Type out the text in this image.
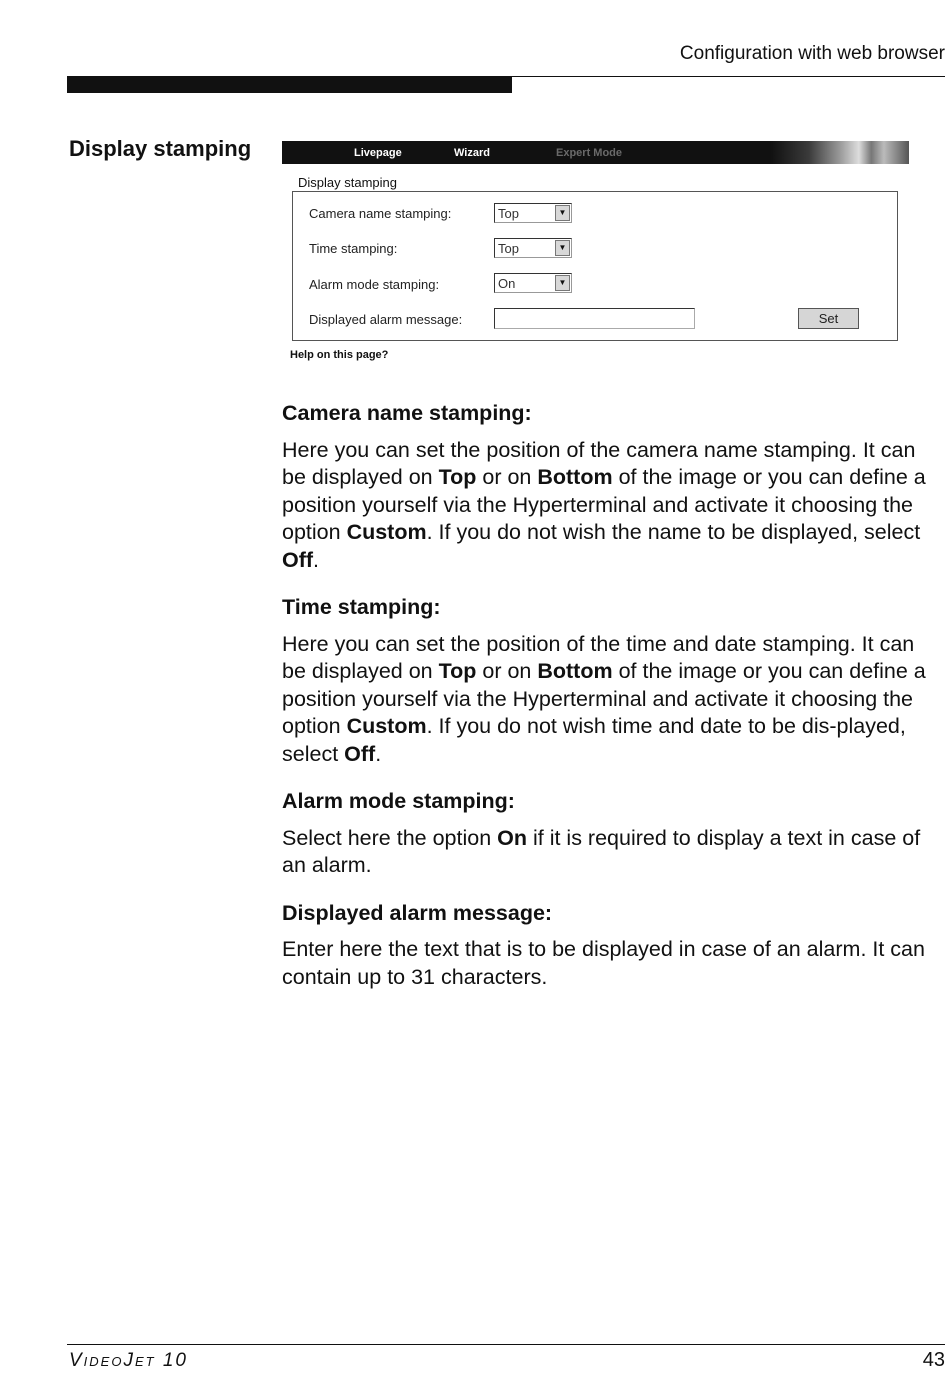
Configuration with web browser
Display stamping	Livepage	Wizard	Expert Mode
Display stamping
Camera name stamping:	Top	▼
Time stamping:	Top	▼
Alarm mode stamping:	On	▼
Displayed alarm message:	Set
Help on this page?
Camera name stamping:

Here you can set the position of the camera name stamping. It can be displayed on Top or on Bottom of the image or you can define a position yourself via the Hyperterminal and activate it choosing the option Custom. If you do not wish the name to be displayed, select Off.

Time stamping:

Here you can set the position of the time and date stamping. It can be displayed on Top or on Bottom of the image or you can define a position yourself via the Hyperterminal and activate it choosing the option Custom. If you do not wish time and date to be dis-played, select Off.

Alarm mode stamping:

Select here the option On if it is required to display a text in case of an alarm.

Displayed alarm message:

Enter here the text that is to be displayed in case of an alarm. It can contain up to 31 characters.

VideoJet 10	43
